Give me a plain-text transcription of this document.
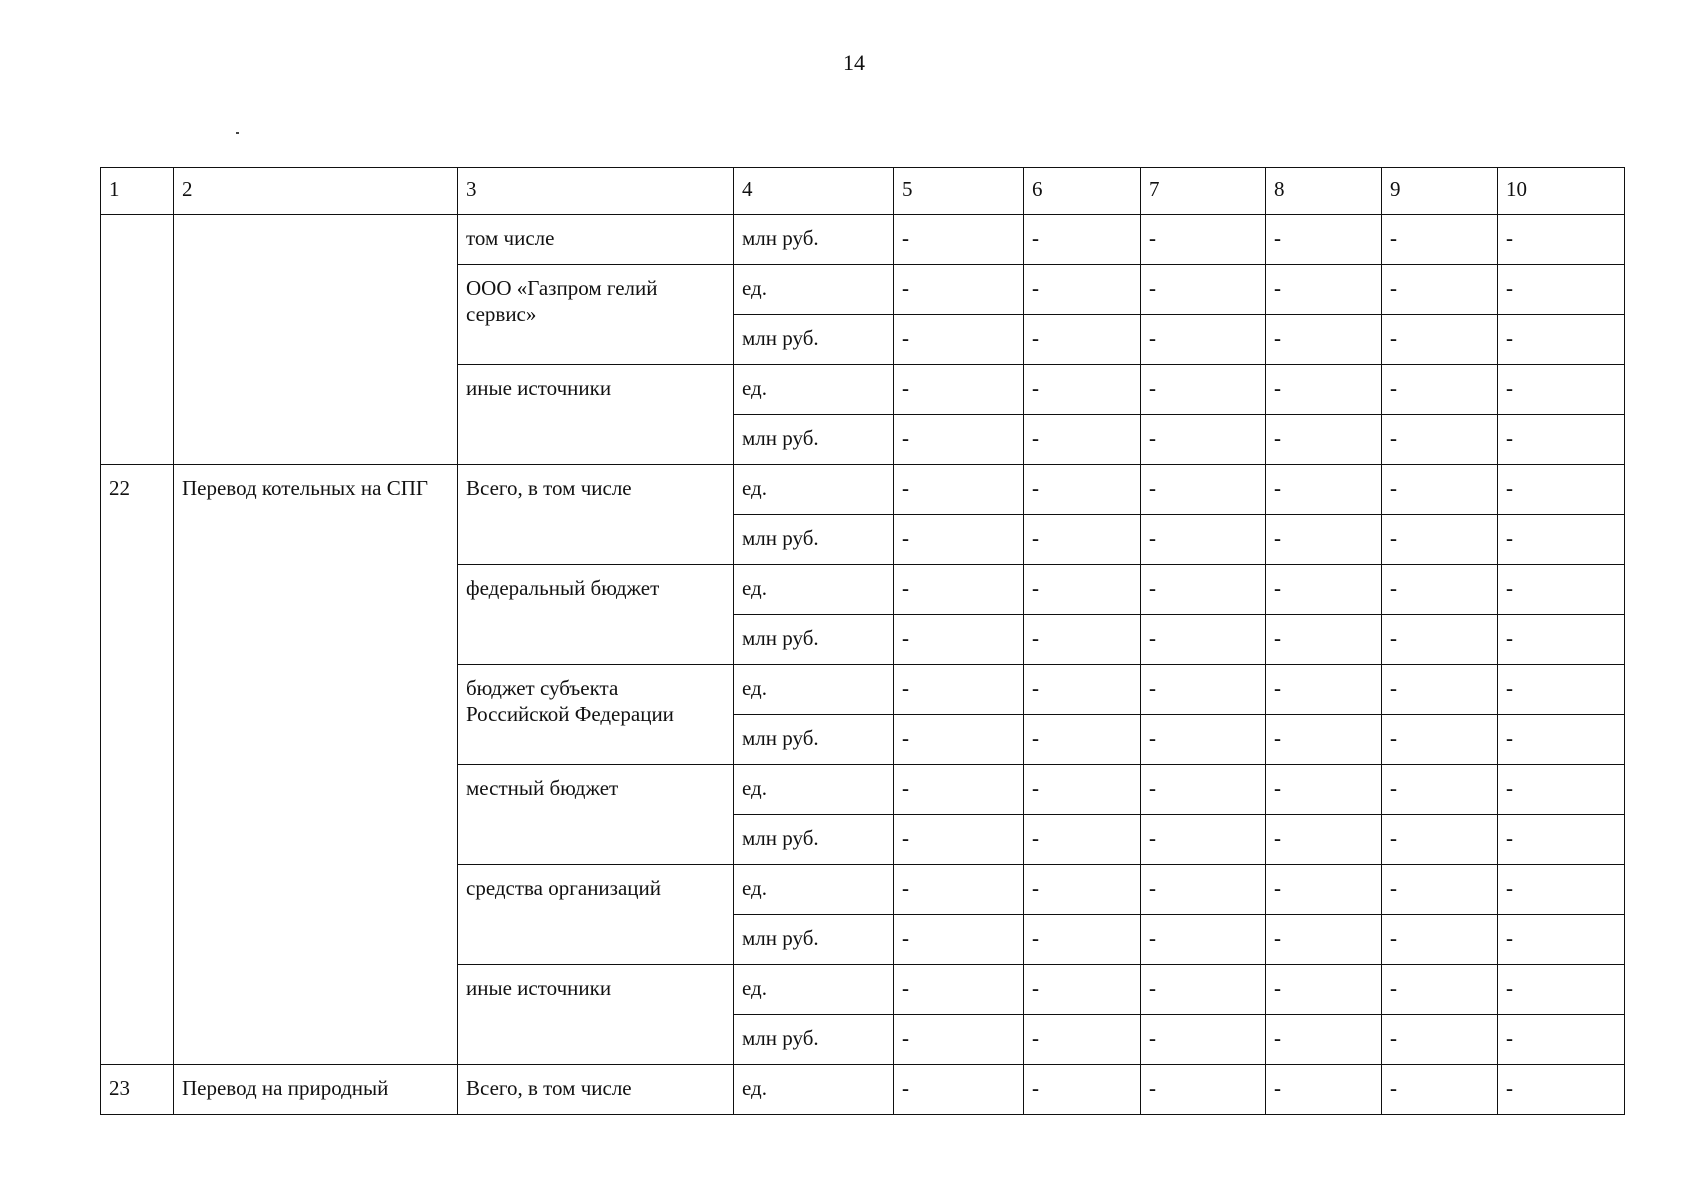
14
1	2	3	4	5	6	7	8	9	10
		том числе	млн руб.	-	-	-	-	-	-
		ООО «Газпром гелий сервис»	ед.	-	-	-	-	-	-
			млн руб.	-	-	-	-	-	-
		иные источники	ед.	-	-	-	-	-	-
			млн руб.	-	-	-	-	-	-
22	Перевод котельных на СПГ	Всего, в том числе	ед.	-	-	-	-	-	-
			млн руб.	-	-	-	-	-	-
		федеральный бюджет	ед.	-	-	-	-	-	-
			млн руб.	-	-	-	-	-	-
		бюджет субъекта Российской Федерации	ед.	-	-	-	-	-	-
			млн руб.	-	-	-	-	-	-
		местный бюджет	ед.	-	-	-	-	-	-
			млн руб.	-	-	-	-	-	-
		средства организаций	ед.	-	-	-	-	-	-
			млн руб.	-	-	-	-	-	-
		иные источники	ед.	-	-	-	-	-	-
			млн руб.	-	-	-	-	-	-
23	Перевод на природный	Всего, в том числе	ед.	-	-	-	-	-	-
